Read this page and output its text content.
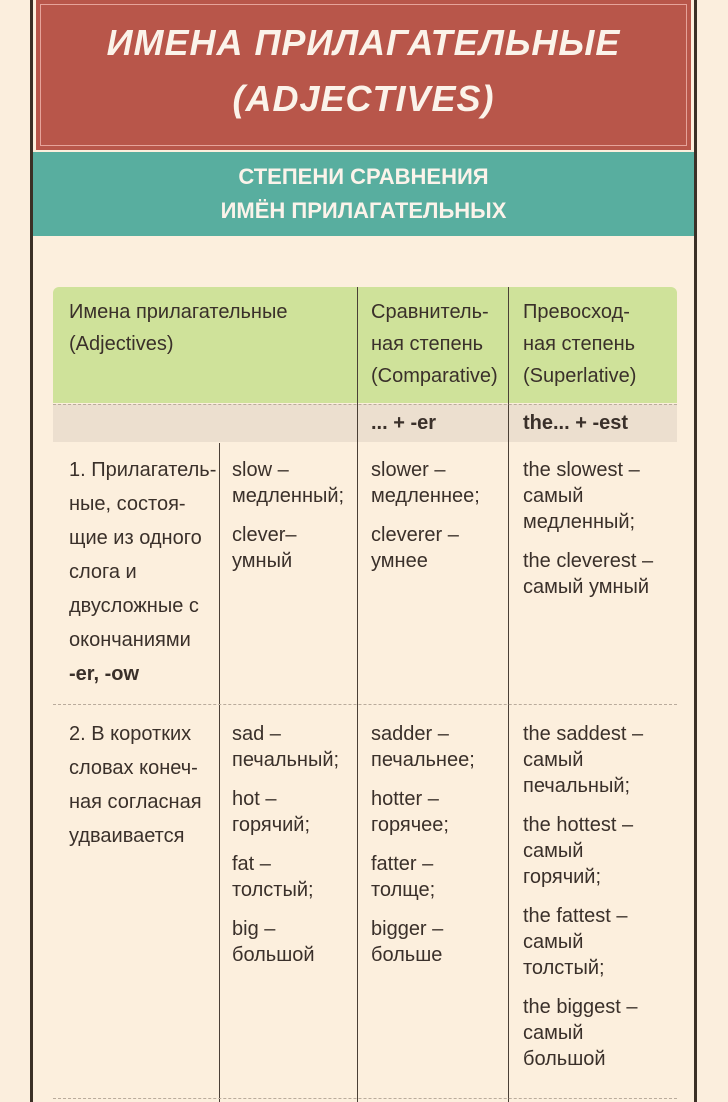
ИМЕНА ПРИЛАГАТЕЛЬНЫЕ
(ADJECTIVES)
СТЕПЕНИ СРАВНЕНИЯ
ИМЁН ПРИЛАГАТЕЛЬНЫХ
Имена прилагательные
(Adjectives)
Сравнитель-
ная степень
(Comparative)
Превосход-
ная степень
(Superlative)
... + -er	the... + -est
1. Прилагатель-
ные, состоя-
щие из одного
слога и
двусложные с
окончаниями
-er, -ow
slow –
медленный;
clever–
умный
slower –
медленнее;
cleverer –
умнее
the slowest –
самый
медленный;
the cleverest –
самый умный
2. В коротких
словах конеч-
ная согласная
удваивается
sad –
печальный;
hot –
горячий;
fat –
толстый;
big –
большой
sadder –
печальнее;
hotter –
горячее;
fatter –
толще;
bigger –
больше
the saddest –
самый
печальный;
the hottest –
самый
горячий;
the fattest –
самый
толстый;
the biggest –
самый
большой
